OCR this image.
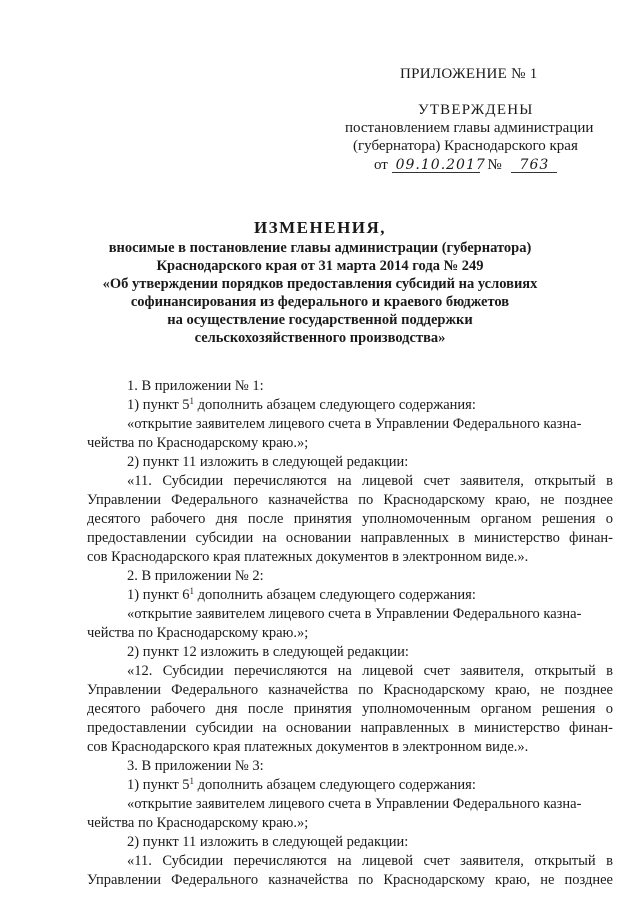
ПРИЛОЖЕНИЕ № 1
УТВЕРЖДЕНЫ
постановлением главы администрации
(губернатора) Краснодарского края
от 09.10.2017 № 763
ИЗМЕНЕНИЯ,
вносимые в постановление главы администрации (губернатора)
Краснодарского края от 31 марта 2014 года № 249
«Об утверждении порядков предоставления субсидий на условиях
софинансирования из федерального и краевого бюджетов
на осуществление государственной поддержки
сельскохозяйственного производства»
1. В приложении № 1:
1) пункт $5^1$ дополнить абзацем следующего содержания:
«открытие заявителем лицевого счета в Управлении Федерального казна-
чейства по Краснодарскому краю.»;
2) пункт 11 изложить в следующей редакции:
«11. Субсидии перечисляются на лицевой счет заявителя, открытый в
Управлении Федерального казначейства по Краснодарскому краю, не позднее
десятого рабочего дня после принятия уполномоченным органом решения о
предоставлении субсидии на основании направленных в министерство финан-
сов Краснодарского края платежных документов в электронном виде.».
2. В приложении № 2:
1) пункт $6^1$ дополнить абзацем следующего содержания:
«открытие заявителем лицевого счета в Управлении Федерального казна-
чейства по Краснодарскому краю.»;
2) пункт 12 изложить в следующей редакции:
«12. Субсидии перечисляются на лицевой счет заявителя, открытый в
Управлении Федерального казначейства по Краснодарскому краю, не позднее
десятого рабочего дня после принятия уполномоченным органом решения о
предоставлении субсидии на основании направленных в министерство финан-
сов Краснодарского края платежных документов в электронном виде.».
3. В приложении № 3:
1) пункт $5^1$ дополнить абзацем следующего содержания:
«открытие заявителем лицевого счета в Управлении Федерального казна-
чейства по Краснодарскому краю.»;
2) пункт 11 изложить в следующей редакции:
«11. Субсидии перечисляются на лицевой счет заявителя, открытый в
Управлении Федерального казначейства по Краснодарскому краю, не позднее
